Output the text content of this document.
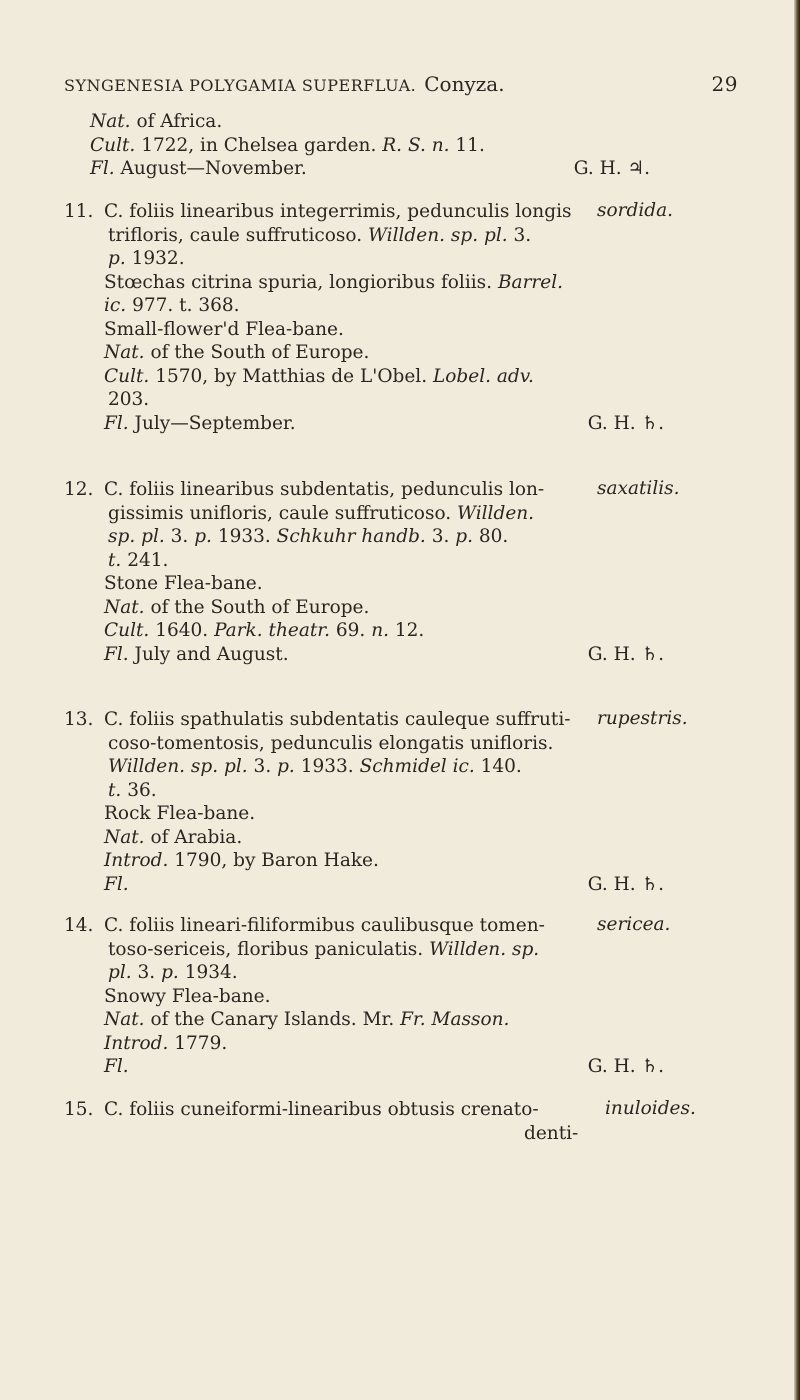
SYNGENESIA POLYGAMIA SUPERFLUA. Conyza.	29
Nat. of Africa.
Cult. 1722, in Chelsea garden. R. S. n. 11.
Fl. August—November.	G. H. ♃.
11. C. foliis linearibus integerrimis, pedunculis longis
trifloris, caule suffruticoso. Willden. sp. pl. 3.
p. 1932.
Stœchas citrina spuria, longioribus foliis. Barrel.
ic. 977. t. 368.
Small-flower'd Flea-bane.
Nat. of the South of Europe.
Cult. 1570, by Matthias de L'Obel. Lobel. adv.
203.
Fl. July—September.	G. H. ♄.
sordida.
12. C. foliis linearibus subdentatis, pedunculis lon-
gissimis unifloris, caule suffruticoso. Willden.
sp. pl. 3. p. 1933. Schkuhr handb. 3. p. 80.
t. 241.
Stone Flea-bane.
Nat. of the South of Europe.
Cult. 1640. Park. theatr. 69. n. 12.
Fl. July and August.	G. H. ♄.
saxatilis.
13. C. foliis spathulatis subdentatis cauleque suffruti-
coso-tomentosis, pedunculis elongatis unifloris.
Willden. sp. pl. 3. p. 1933. Schmidel ic. 140.
t. 36.
Rock Flea-bane.
Nat. of Arabia.
Introd. 1790, by Baron Hake.
Fl.	G. H. ♄.
rupestris.
14. C. foliis lineari-filiformibus caulibusque tomen-
toso-sericeis, floribus paniculatis. Willden. sp.
pl. 3. p. 1934.
Snowy Flea-bane.
Nat. of the Canary Islands. Mr. Fr. Masson.
Introd. 1779.
Fl.	G. H. ♄.
sericea.
15. C. foliis cuneiformi-linearibus obtusis crenato-
denti-
inuloides.
